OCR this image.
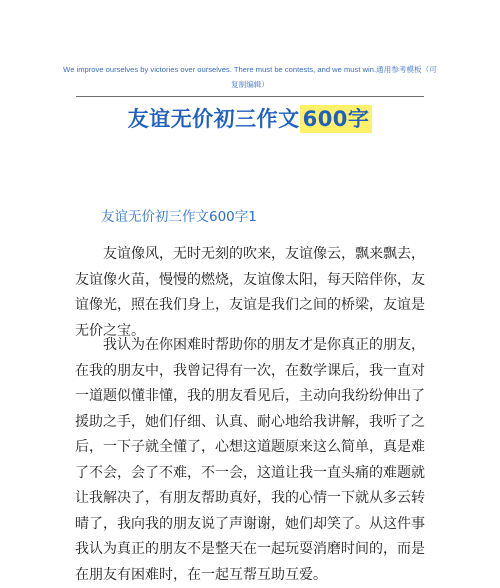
We improve ourselves by victories over ourselves. There must be contests, and we must win.通用参考模板（可复制编辑）
友谊无价初三作文 600字
友谊无价初三作文600字1

友谊像风，无时无刻的吹来，友谊像云，飘来飘去，友谊像火苗，慢慢的燃烧，友谊像太阳，每天陪伴你，友谊像光，照在我们身上，友谊是我们之间的桥梁，友谊是无价之宝。

我认为在你困难时帮助你的朋友才是你真正的朋友，在我的朋友中，我曾记得有一次，在数学课后，我一直对一道题似懂非懂，我的朋友看见后，主动向我纷纷伸出了援助之手，她们仔细、认真、耐心地给我讲解，我听了之后，一下子就全懂了，心想这道题原来这么简单，真是难了不会，会了不难，不一会，这道让我一直头痛的难题就让我解决了，有朋友帮助真好，我的心情一下就从多云转晴了，我向我的朋友说了声谢谢，她们却笑了。从这件事我认为真正的朋友不是整天在一起玩耍消磨时间的，而是在朋友有困难时，在一起互帮互助互爱。
